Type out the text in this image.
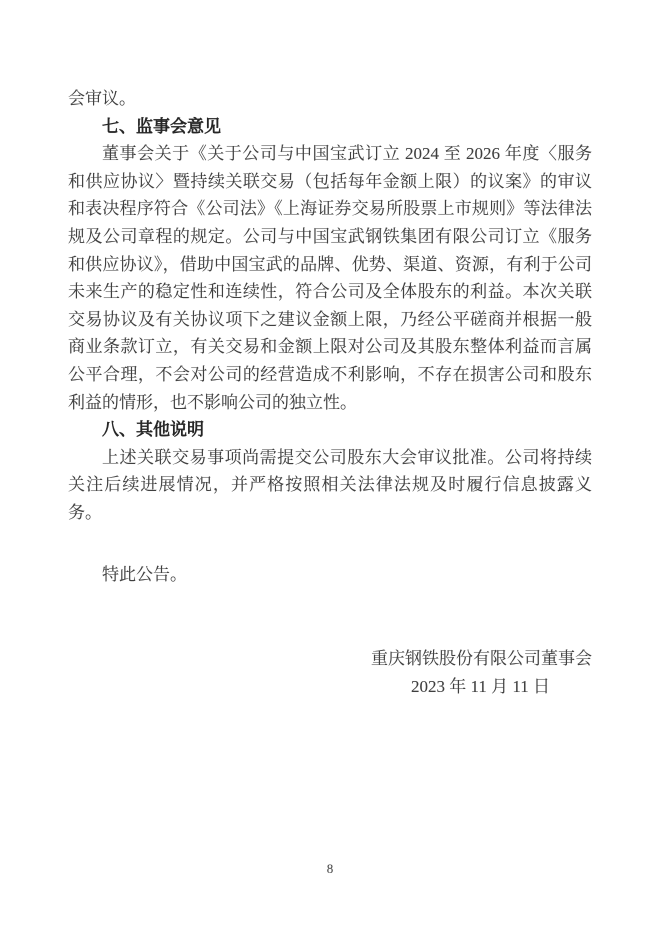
会审议。

七、监事会意见

董事会关于《关于公司与中国宝武订立 2024 至 2026 年度〈服务和供应协议〉暨持续关联交易（包括每年金额上限）的议案》的审议和表决程序符合《公司法》《上海证券交易所股票上市规则》等法律法规及公司章程的规定。公司与中国宝武钢铁集团有限公司订立《服务和供应协议》，借助中国宝武的品牌、优势、渠道、资源，有利于公司未来生产的稳定性和连续性，符合公司及全体股东的利益。本次关联交易协议及有关协议项下之建议金额上限，乃经公平磋商并根据一般商业条款订立，有关交易和金额上限对公司及其股东整体利益而言属公平合理，不会对公司的经营造成不利影响，不存在损害公司和股东利益的情形，也不影响公司的独立性。

八、其他说明

上述关联交易事项尚需提交公司股东大会审议批准。公司将持续关注后续进展情况，并严格按照相关法律法规及时履行信息披露义务。

特此公告。

重庆钢铁股份有限公司董事会

2023 年 11 月 11 日

8
